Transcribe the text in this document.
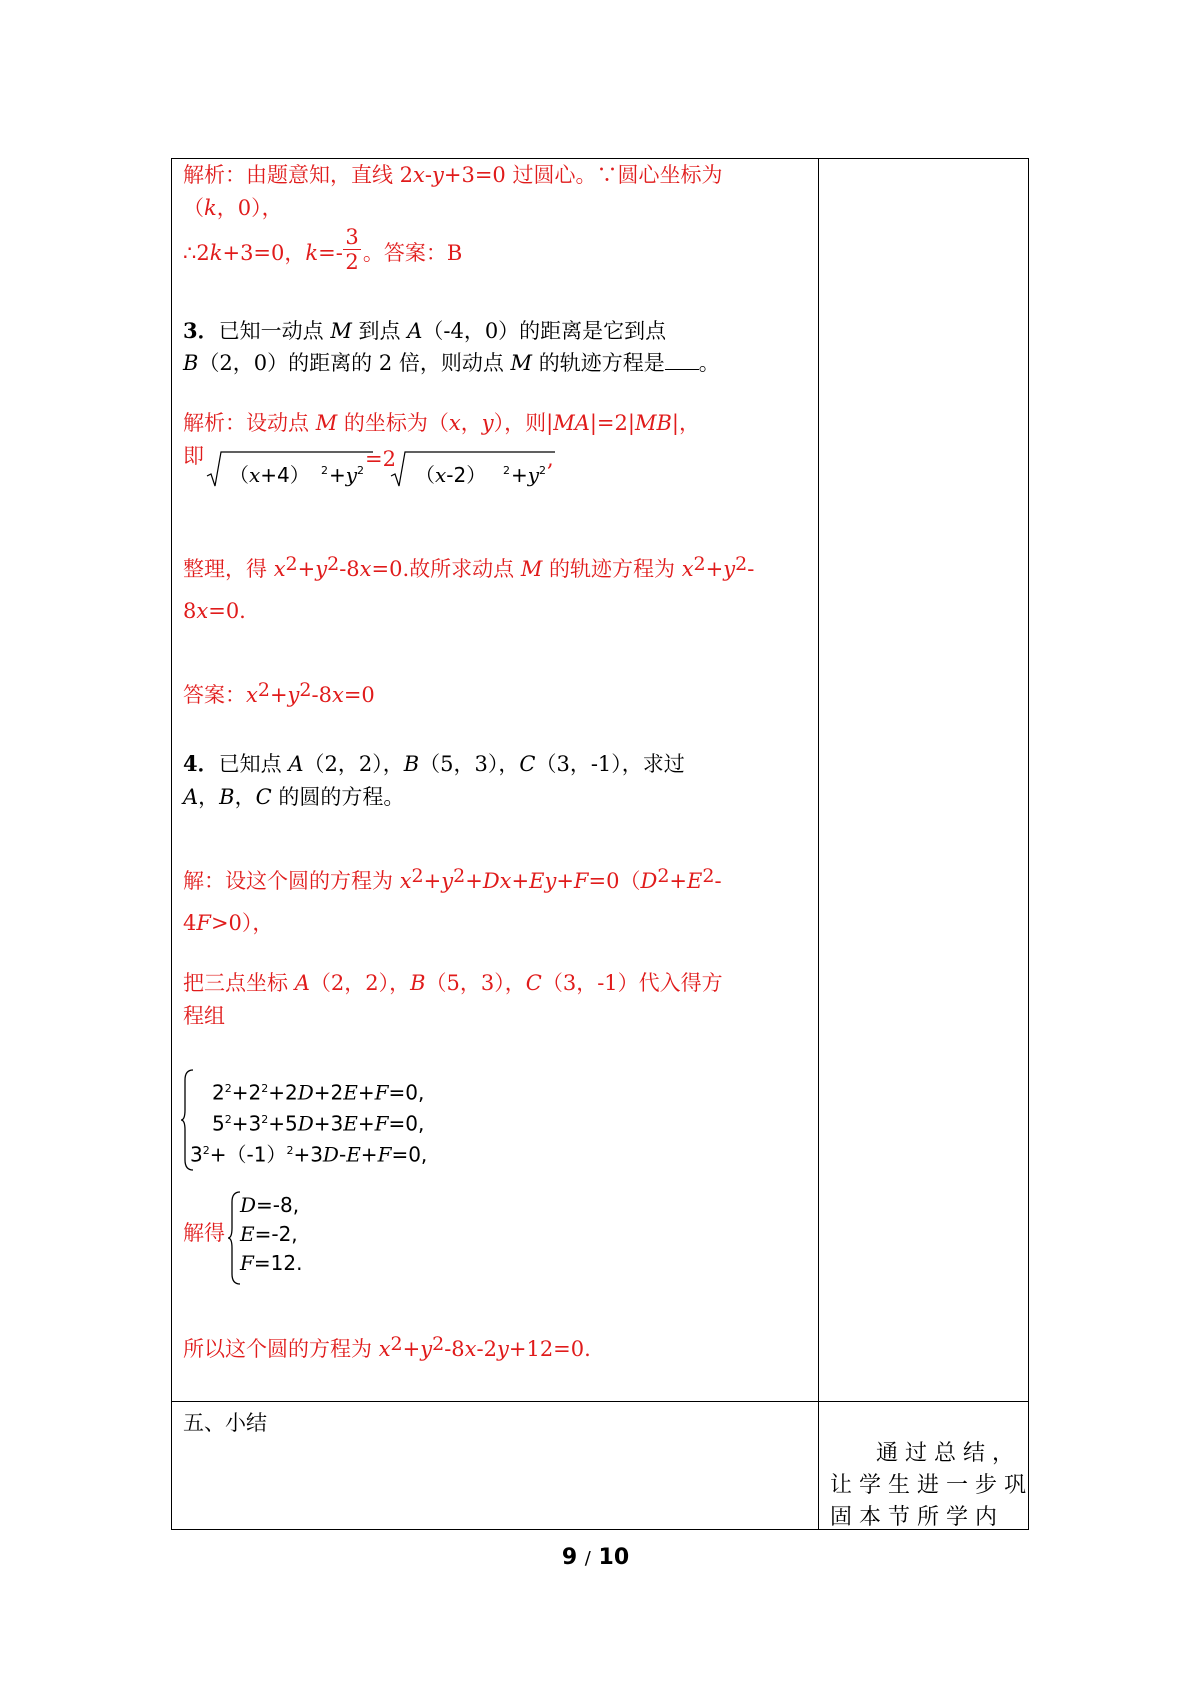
解析：由题意知，直线 2x-y+3=0 过圆心。∵圆心坐标为
（k，0），
∴2k+3=0，k=- 。答案：B
3
2
3．已知一动点 M 到点 A（-4，0）的距离是它到点
B（2，0）的距离的 2 倍，则动点 M 的轨迹方程是 。
解析：设动点 M 的坐标为（x，y），则|MA|=2|MB|，
即
（x+4） 2 +y 2 =2
（x-2） 2 +y 2 ,
整理，得 $x^2+y^2-8x=0$.故所求动点 M 的轨迹方程为 $x^2+y^2-$
8x=0.
答案：$x^2+y^2-8x=0$
4．已知点 A（2，2），B（5，3），C（3，-1），求过
A，B，C 的圆的方程。
解：设这个圆的方程为 $x^2+y^2+Dx+Ey+F=0(D^2+E^2-$
4F>0），
把三点坐标 A（2，2），B（5，3），C（3，-1）代入得方
程组
$2^2+2^2+2D+2E+F=0$,
$5^2+3^2+5D+3E+F=0$,
$3^2+(-1)^2+3D-E+F=0$,
解得
D=-8,
E=-2,
F=12.
所以这个圆的方程为 $x^2+y^2-8x-2y+12=0$.
五、小结
通过总结，
让学生进一步巩
固本节所学内
9 / 10
